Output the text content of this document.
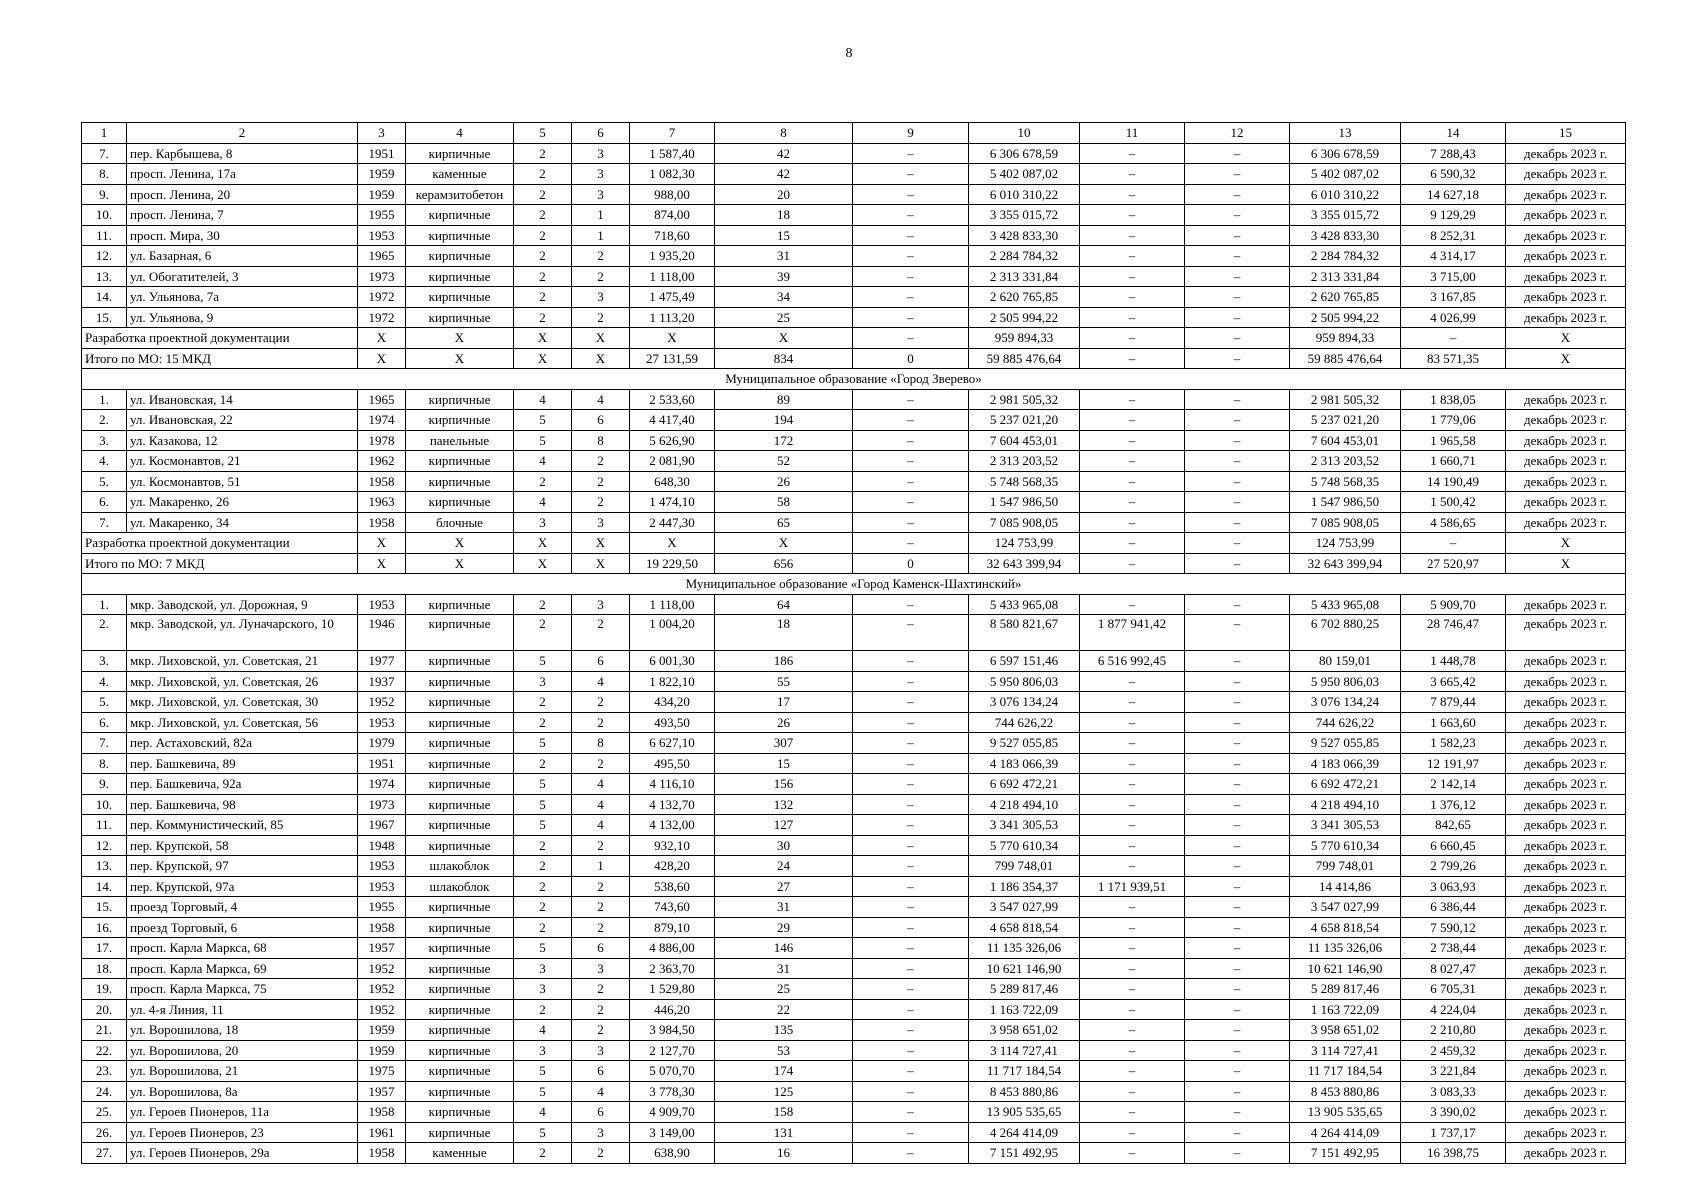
8
1	2	3	4	5	6	7	8	9	10	11	12	13	14	15
7.	пер. Карбышева, 8	1951	кирпичные	2	3	1 587,40	42	–	6 306 678,59	–	–	6 306 678,59	7 288,43	декабрь 2023 г.
8.	просп. Ленина, 17а	1959	каменные	2	3	1 082,30	42	–	5 402 087,02	–	–	5 402 087,02	6 590,32	декабрь 2023 г.
9.	просп. Ленина, 20	1959	керамзитобетон	2	3	988,00	20	–	6 010 310,22	–	–	6 010 310,22	14 627,18	декабрь 2023 г.
10.	просп. Ленина, 7	1955	кирпичные	2	1	874,00	18	–	3 355 015,72	–	–	3 355 015,72	9 129,29	декабрь 2023 г.
11.	просп. Мира, 30	1953	кирпичные	2	1	718,60	15	–	3 428 833,30	–	–	3 428 833,30	8 252,31	декабрь 2023 г.
12.	ул. Базарная, 6	1965	кирпичные	2	2	1 935,20	31	–	2 284 784,32	–	–	2 284 784,32	4 314,17	декабрь 2023 г.
13.	ул. Обогатителей, 3	1973	кирпичные	2	2	1 118,00	39	–	2 313 331,84	–	–	2 313 331,84	3 715,00	декабрь 2023 г.
14.	ул. Ульянова, 7а	1972	кирпичные	2	3	1 475,49	34	–	2 620 765,85	–	–	2 620 765,85	3 167,85	декабрь 2023 г.
15.	ул. Ульянова, 9	1972	кирпичные	2	2	1 113,20	25	–	2 505 994,22	–	–	2 505 994,22	4 026,99	декабрь 2023 г.
Разработка проектной документации		X	X	X	X	X	X	–	959 894,33	–	–	959 894,33	–	X
Итого по МО: 15 МКД		X	X	X	X	27 131,59	834	0	59 885 476,64	–	–	59 885 476,64	83 571,35	X
Муниципальное образование «Город Зверево»														
1.	ул. Ивановская, 14	1965	кирпичные	4	4	2 533,60	89	–	2 981 505,32	–	–	2 981 505,32	1 838,05	декабрь 2023 г.
2.	ул. Ивановская, 22	1974	кирпичные	5	6	4 417,40	194	–	5 237 021,20	–	–	5 237 021,20	1 779,06	декабрь 2023 г.
3.	ул. Казакова, 12	1978	панельные	5	8	5 626,90	172	–	7 604 453,01	–	–	7 604 453,01	1 965,58	декабрь 2023 г.
4.	ул. Космонавтов, 21	1962	кирпичные	4	2	2 081,90	52	–	2 313 203,52	–	–	2 313 203,52	1 660,71	декабрь 2023 г.
5.	ул. Космонавтов, 51	1958	кирпичные	2	2	648,30	26	–	5 748 568,35	–	–	5 748 568,35	14 190,49	декабрь 2023 г.
6.	ул. Макаренко, 26	1963	кирпичные	4	2	1 474,10	58	–	1 547 986,50	–	–	1 547 986,50	1 500,42	декабрь 2023 г.
7.	ул. Макаренко, 34	1958	блочные	3	3	2 447,30	65	–	7 085 908,05	–	–	7 085 908,05	4 586,65	декабрь 2023 г.
Разработка проектной документации		X	X	X	X	X	X	–	124 753,99	–	–	124 753,99	–	X
Итого по МО: 7 МКД		X	X	X	X	19 229,50	656	0	32 643 399,94	–	–	32 643 399,94	27 520,97	X
Муниципальное образование «Город Каменск-Шахтинский»														
1.	мкр. Заводской, ул. Дорожная, 9	1953	кирпичные	2	3	1 118,00	64	–	5 433 965,08	–	–	5 433 965,08	5 909,70	декабрь 2023 г.
2.	мкр. Заводской, ул. Луначарского, 10	1946	кирпичные	2	2	1 004,20	18	–	8 580 821,67	1 877 941,42	–	6 702 880,25	28 746,47	декабрь 2023 г.
3.	мкр. Лиховской, ул. Советская, 21	1977	кирпичные	5	6	6 001,30	186	–	6 597 151,46	6 516 992,45	–	80 159,01	1 448,78	декабрь 2023 г.
4.	мкр. Лиховской, ул. Советская, 26	1937	кирпичные	3	4	1 822,10	55	–	5 950 806,03	–	–	5 950 806,03	3 665,42	декабрь 2023 г.
5.	мкр. Лиховской, ул. Советская, 30	1952	кирпичные	2	2	434,20	17	–	3 076 134,24	–	–	3 076 134,24	7 879,44	декабрь 2023 г.
6.	мкр. Лиховской, ул. Советская, 56	1953	кирпичные	2	2	493,50	26	–	744 626,22	–	–	744 626,22	1 663,60	декабрь 2023 г.
7.	пер. Астаховский, 82а	1979	кирпичные	5	8	6 627,10	307	–	9 527 055,85	–	–	9 527 055,85	1 582,23	декабрь 2023 г.
8.	пер. Башкевича, 89	1951	кирпичные	2	2	495,50	15	–	4 183 066,39	–	–	4 183 066,39	12 191,97	декабрь 2023 г.
9.	пер. Башкевича, 92а	1974	кирпичные	5	4	4 116,10	156	–	6 692 472,21	–	–	6 692 472,21	2 142,14	декабрь 2023 г.
10.	пер. Башкевича, 98	1973	кирпичные	5	4	4 132,70	132	–	4 218 494,10	–	–	4 218 494,10	1 376,12	декабрь 2023 г.
11.	пер. Коммунистический, 85	1967	кирпичные	5	4	4 132,00	127	–	3 341 305,53	–	–	3 341 305,53	842,65	декабрь 2023 г.
12.	пер. Крупской, 58	1948	кирпичные	2	2	932,10	30	–	5 770 610,34	–	–	5 770 610,34	6 660,45	декабрь 2023 г.
13.	пер. Крупской, 97	1953	шлакоблок	2	1	428,20	24	–	799 748,01	–	–	799 748,01	2 799,26	декабрь 2023 г.
14.	пер. Крупской, 97а	1953	шлакоблок	2	2	538,60	27	–	1 186 354,37	1 171 939,51	–	14 414,86	3 063,93	декабрь 2023 г.
15.	проезд Торговый, 4	1955	кирпичные	2	2	743,60	31	–	3 547 027,99	–	–	3 547 027,99	6 386,44	декабрь 2023 г.
16.	проезд Торговый, 6	1958	кирпичные	2	2	879,10	29	–	4 658 818,54	–	–	4 658 818,54	7 590,12	декабрь 2023 г.
17.	просп. Карла Маркса, 68	1957	кирпичные	5	6	4 886,00	146	–	11 135 326,06	–	–	11 135 326,06	2 738,44	декабрь 2023 г.
18.	просп. Карла Маркса, 69	1952	кирпичные	3	3	2 363,70	31	–	10 621 146,90	–	–	10 621 146,90	8 027,47	декабрь 2023 г.
19.	просп. Карла Маркса, 75	1952	кирпичные	3	2	1 529,80	25	–	5 289 817,46	–	–	5 289 817,46	6 705,31	декабрь 2023 г.
20.	ул. 4-я Линия, 11	1952	кирпичные	2	2	446,20	22	–	1 163 722,09	–	–	1 163 722,09	4 224,04	декабрь 2023 г.
21.	ул. Ворошилова, 18	1959	кирпичные	4	2	3 984,50	135	–	3 958 651,02	–	–	3 958 651,02	2 210,80	декабрь 2023 г.
22.	ул. Ворошилова, 20	1959	кирпичные	3	3	2 127,70	53	–	3 114 727,41	–	–	3 114 727,41	2 459,32	декабрь 2023 г.
23.	ул. Ворошилова, 21	1975	кирпичные	5	6	5 070,70	174	–	11 717 184,54	–	–	11 717 184,54	3 221,84	декабрь 2023 г.
24.	ул. Ворошилова, 8а	1957	кирпичные	5	4	3 778,30	125	–	8 453 880,86	–	–	8 453 880,86	3 083,33	декабрь 2023 г.
25.	ул. Героев Пионеров, 11а	1958	кирпичные	4	6	4 909,70	158	–	13 905 535,65	–	–	13 905 535,65	3 390,02	декабрь 2023 г.
26.	ул. Героев Пионеров, 23	1961	кирпичные	5	3	3 149,00	131	–	4 264 414,09	–	–	4 264 414,09	1 737,17	декабрь 2023 г.
27.	ул. Героев Пионеров, 29а	1958	каменные	2	2	638,90	16	–	7 151 492,95	–	–	7 151 492,95	16 398,75	декабрь 2023 г.
